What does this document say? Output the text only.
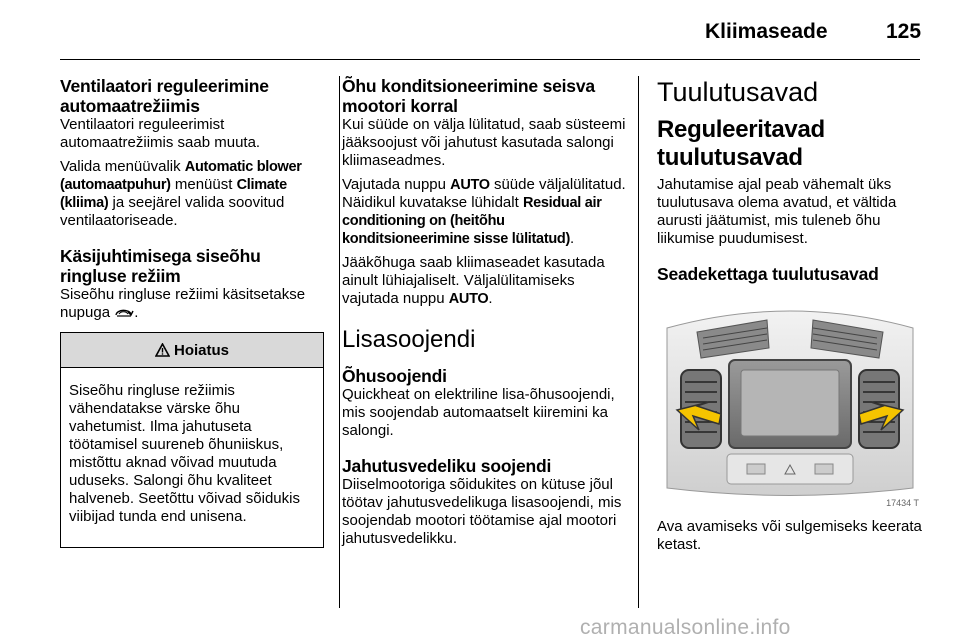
Kliimaseade	125

Ventilaatori reguleerimine automaatrežiimis

Ventilaatori reguleerimist automaatrežiimis saab muuta.

Valida menüüvalik Automatic blower (automaatpuhur) menüüst Climate (kliima) ja seejärel valida soovitud ventilaatoriseade.

Käsijuhtimisega siseõhu ringluse režiim

Siseõhu ringluse režiimi käsitsetakse nupuga .

Hoiatus

Siseõhu ringluse režiimis vähendatakse värske õhu vahetumist. Ilma jahutuseta töötamisel suureneb õhuniiskus, mistõttu aknad võivad muutuda uduseks. Salongi õhu kvaliteet halveneb. Seetõttu võivad sõidukis viibijad tunda end unisena.

Õhu konditsioneerimine seisva mootori korral

Kui süüde on välja lülitatud, saab süsteemi jääksoojust või jahutust kasutada salongi kliimaseadmes.

Vajutada nuppu AUTO süüde väljalülitatud. Näidikul kuvatakse lühidalt Residual air conditioning on (heitõhu konditsioneerimine sisse lülitatud).

Jääkõhuga saab kliimaseadet kasutada ainult lühiajaliselt. Väljalülitamiseks vajutada nuppu AUTO.

Lisasoojendi

Õhusoojendi

Quickheat on elektriline lisa-õhusoojendi, mis soojendab automaatselt kiiremini ka salongi.

Jahutusvedeliku soojendi

Diiselmootoriga sõidukites on kütuse jõul töötav jahutusvedelikuga lisasoojendi, mis soojendab mootori töötamise ajal mootori jahutusvedelikku.

Tuulutusavad

Reguleeritavad tuulutusavad

Jahutamise ajal peab vähemalt üks tuulutusava olema avatud, et vältida aurusti jäätumist, mis tuleneb õhu liikumise puudumisest.

Seadekettaga tuulutusavad

17434 T

Ava avamiseks või sulgemiseks keerata ketast.

carmanualsonline.info
